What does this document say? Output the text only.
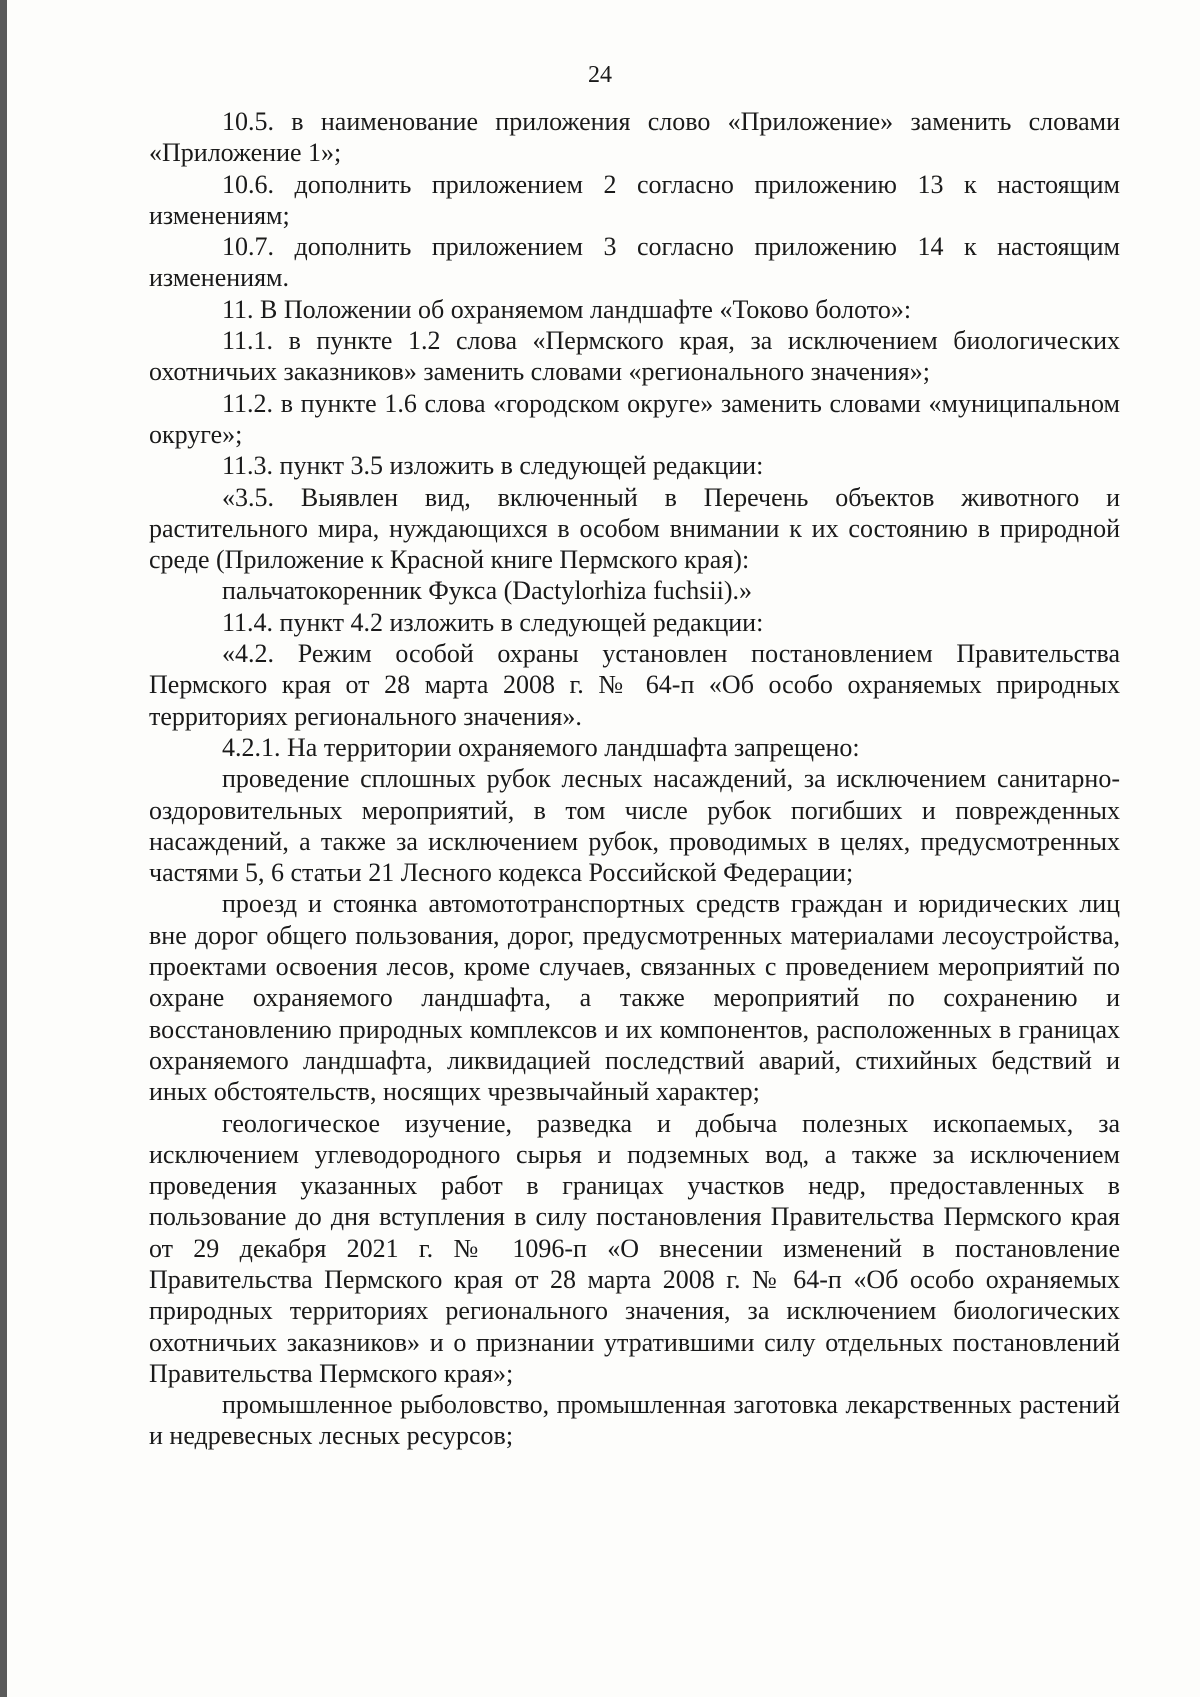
24

10.5. в наименование приложения слово «Приложение» заменить словами «Приложение 1»;

10.6. дополнить приложением 2 согласно приложению 13 к настоящим изменениям;

10.7. дополнить приложением 3 согласно приложению 14 к настоящим изменениям.

11. В Положении об охраняемом ландшафте «Токово болото»:

11.1. в пункте 1.2 слова «Пермского края, за исключением биологических охотничьих заказников» заменить словами «регионального значения»;

11.2. в пункте 1.6 слова «городском округе» заменить словами «муниципальном округе»;

11.3. пункт 3.5 изложить в следующей редакции:

«3.5. Выявлен вид, включенный в Перечень объектов животного и растительного мира, нуждающихся в особом внимании к их состоянию в природной среде (Приложение к Красной книге Пермского края):

пальчатокоренник Фукса (Dactylorhiza fuchsii).»

11.4. пункт 4.2 изложить в следующей редакции:

«4.2. Режим особой охраны установлен постановлением Правительства Пермского края от 28 марта 2008 г. № 64-п «Об особо охраняемых природных территориях регионального значения».

4.2.1. На территории охраняемого ландшафта запрещено:

проведение сплошных рубок лесных насаждений, за исключением санитарно-оздоровительных мероприятий, в том числе рубок погибших и поврежденных насаждений, а также за исключением рубок, проводимых в целях, предусмотренных частями 5, 6 статьи 21 Лесного кодекса Российской Федерации;

проезд и стоянка автомототранспортных средств граждан и юридических лиц вне дорог общего пользования, дорог, предусмотренных материалами лесоустройства, проектами освоения лесов, кроме случаев, связанных с проведением мероприятий по охране охраняемого ландшафта, а также мероприятий по сохранению и восстановлению природных комплексов и их компонентов, расположенных в границах охраняемого ландшафта, ликвидацией последствий аварий, стихийных бедствий и иных обстоятельств, носящих чрезвычайный характер;

геологическое изучение, разведка и добыча полезных ископаемых, за исключением углеводородного сырья и подземных вод, а также за исключением проведения указанных работ в границах участков недр, предоставленных в пользование до дня вступления в силу постановления Правительства Пермского края от 29 декабря 2021 г. № 1096-п «О внесении изменений в постановление Правительства Пермского края от 28 марта 2008 г. № 64-п «Об особо охраняемых природных территориях регионального значения, за исключением биологических охотничьих заказников» и о признании утратившими силу отдельных постановлений Правительства Пермского края»;

промышленное рыболовство, промышленная заготовка лекарственных растений и недревесных лесных ресурсов;
